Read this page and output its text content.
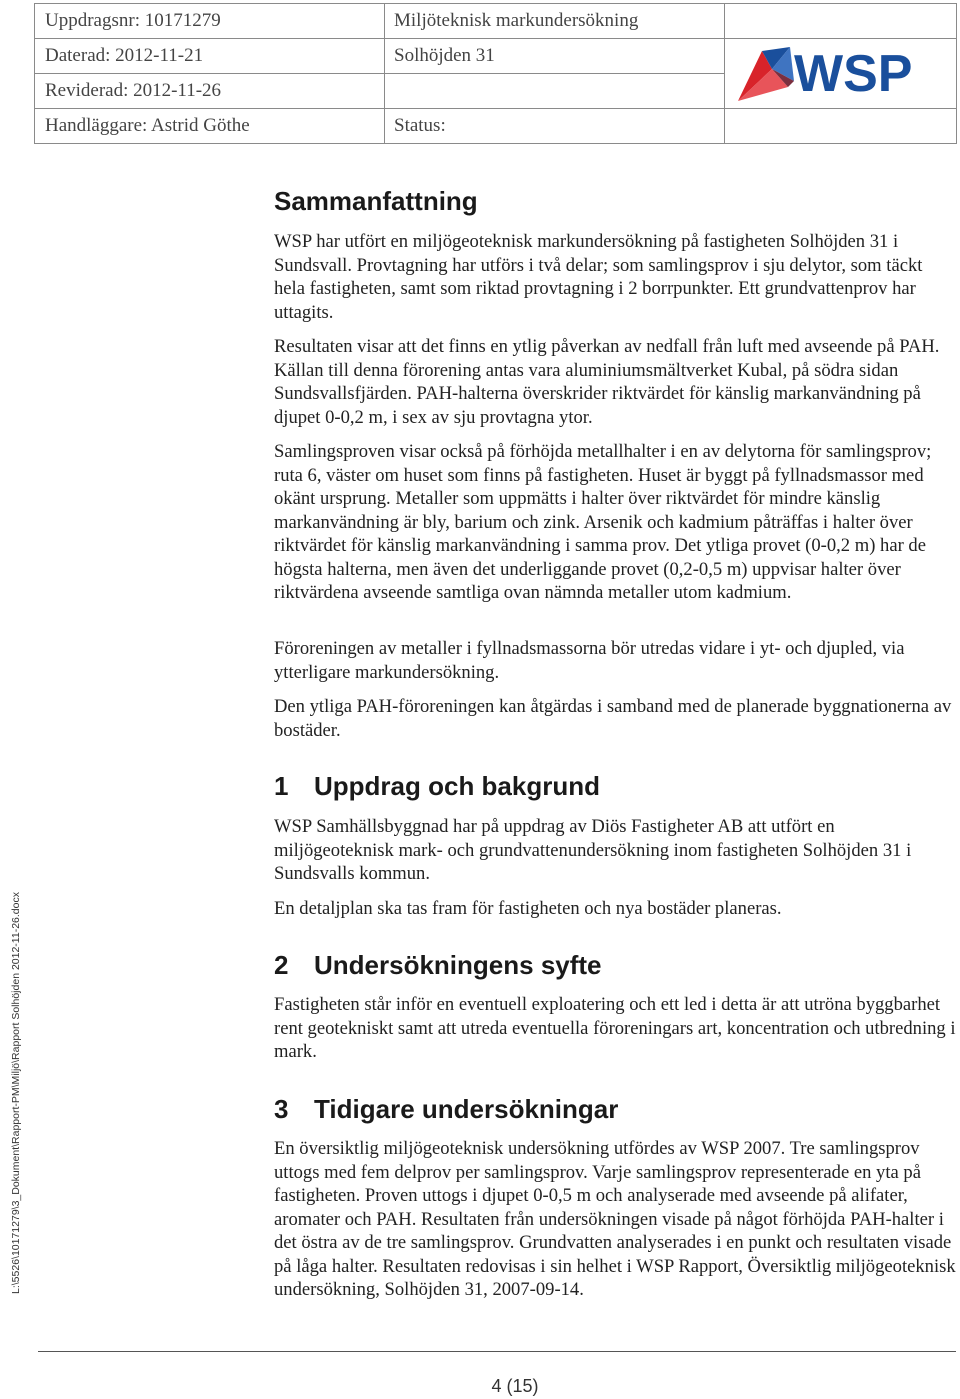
Uppdragsnr: 10171279
Daterad: 2012-11-21
Reviderad: 2012-11-26
Handläggare: Astrid Göthe
Miljöteknisk markundersökning
Solhöjden 31
Status:
WSP
L:\5526\10171279\3_Dokument\Rapport-PM\Miljö\Rapport Solhöjden 2012-11-26.docx
Sammanfattning

WSP har utfört en miljögeoteknisk markundersökning på fastigheten Solhöjden 31 i Sundsvall. Provtagning har utförs i två delar; som samlingsprov i sju delytor, som täckt hela fastigheten, samt som riktad provtagning i 2 borrpunkter. Ett grundvattenprov har uttagits.

Resultaten visar att det finns en ytlig påverkan av nedfall från luft med avseende på PAH. Källan till denna förorening antas vara aluminiumsmältverket Kubal, på södra sidan Sundsvallsfjärden. PAH-halterna överskrider riktvärdet för känslig markanvändning på djupet 0-0,2 m, i sex av sju provtagna ytor.

Samlingsproven visar också på förhöjda metallhalter i en av delytorna för samlingsprov; ruta 6, väster om huset som finns på fastigheten. Huset är byggt på fyllnadsmassor med okänt ursprung. Metaller som uppmätts i halter över riktvärdet för mindre känslig markanvändning är bly, barium och zink. Arsenik och kadmium påträffas i halter över riktvärdet för känslig markanvändning i samma prov. Det ytliga provet (0-0,2 m) har de högsta halterna, men även det underliggande provet (0,2-0,5 m) uppvisar halter över riktvärdena avseende samtliga ovan nämnda metaller utom kadmium.

Föroreningen av metaller i fyllnadsmassorna bör utredas vidare i yt- och djupled, via ytterligare markundersökning.

Den ytliga PAH-föroreningen kan åtgärdas i samband med de planerade byggnationerna av bostäder.

1 Uppdrag och bakgrund

WSP Samhällsbyggnad har på uppdrag av Diös Fastigheter AB att utfört en miljögeoteknisk mark- och grundvattenundersökning inom fastigheten Solhöjden 31 i Sundsvalls kommun.

En detaljplan ska tas fram för fastigheten och nya bostäder planeras.

2 Undersökningens syfte

Fastigheten står inför en eventuell exploatering och ett led i detta är att utröna byggbarhet rent geotekniskt samt att utreda eventuella föroreningars art, koncentration och utbredning i mark.

3 Tidigare undersökningar

En översiktlig miljögeoteknisk undersökning utfördes av WSP 2007. Tre samlingsprov uttogs med fem delprov per samlingsprov. Varje samlingsprov representerade en yta på fastigheten. Proven uttogs i djupet 0-0,5 m och analyserade med avseende på alifater, aromater och PAH. Resultaten från undersökningen visade på något förhöjda PAH-halter i det östra av de tre samlingsprov. Grundvatten analyserades i en punkt och resultaten visade på låga halter. Resultaten redovisas i sin helhet i WSP Rapport, Översiktlig miljögeoteknisk undersökning, Solhöjden 31, 2007-09-14.

4 (15)
